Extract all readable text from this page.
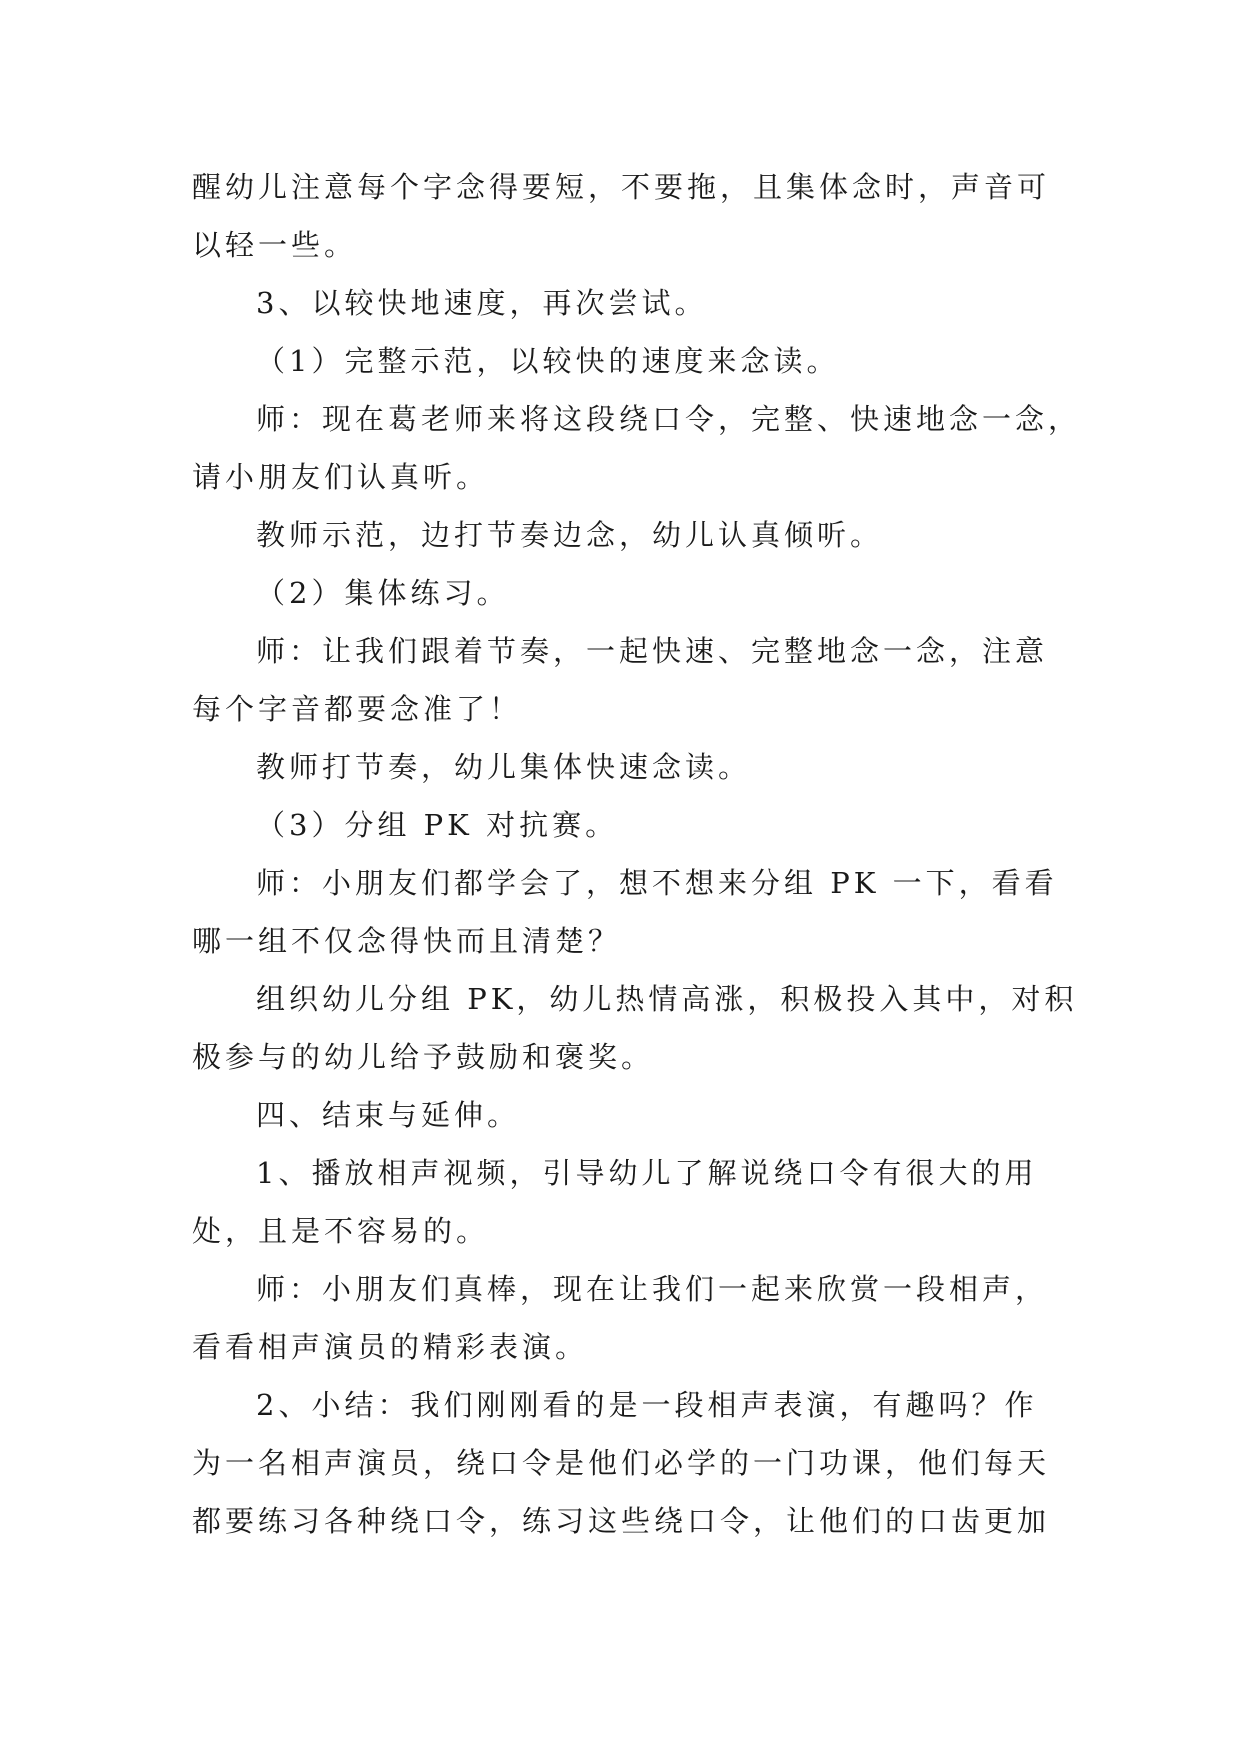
醒幼儿注意每个字念得要短，不要拖，且集体念时，声音可
以轻一些。
3、以较快地速度，再次尝试。
（1）完整示范，以较快的速度来念读。
师：现在葛老师来将这段绕口令，完整、快速地念一念，
请小朋友们认真听。
教师示范，边打节奏边念，幼儿认真倾听。
（2）集体练习。
师：让我们跟着节奏，一起快速、完整地念一念，注意
每个字音都要念准了！
教师打节奏，幼儿集体快速念读。
（3）分组 PK 对抗赛。
师：小朋友们都学会了，想不想来分组 PK 一下，看看
哪一组不仅念得快而且清楚？
组织幼儿分组 PK，幼儿热情高涨，积极投入其中，对积
极参与的幼儿给予鼓励和褒奖。
四、结束与延伸。
1、播放相声视频，引导幼儿了解说绕口令有很大的用
处，且是不容易的。
师：小朋友们真棒，现在让我们一起来欣赏一段相声，
看看相声演员的精彩表演。
2、小结：我们刚刚看的是一段相声表演，有趣吗？作
为一名相声演员，绕口令是他们必学的一门功课，他们每天
都要练习各种绕口令，练习这些绕口令，让他们的口齿更加
